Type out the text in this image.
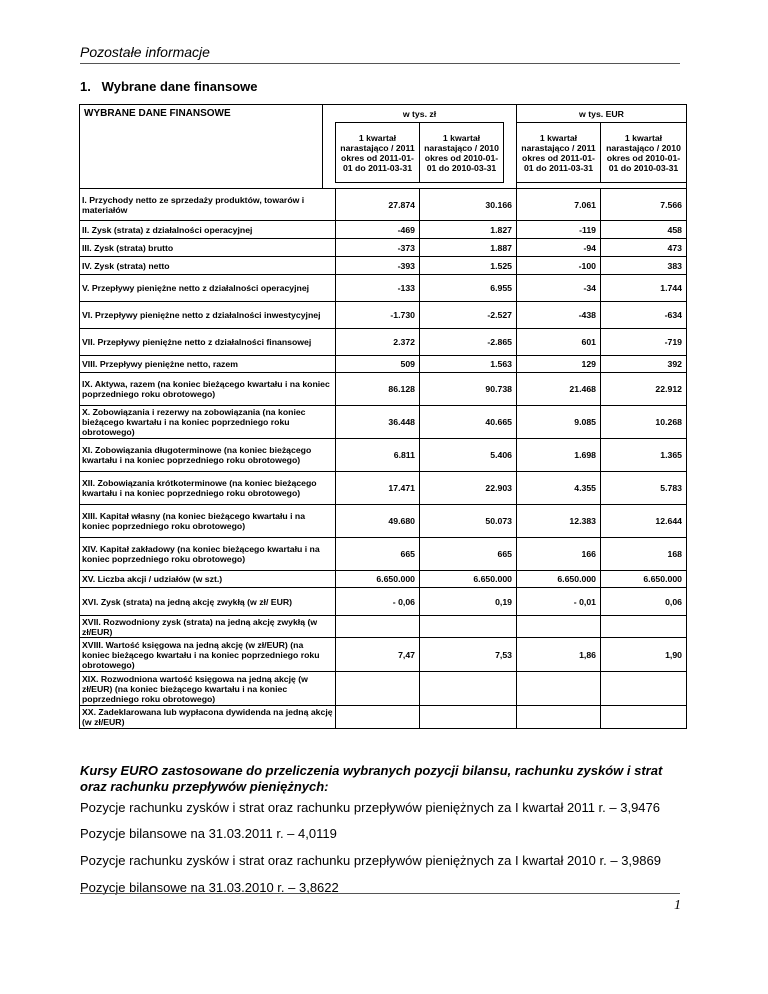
Pozostałe informacje
1.   Wybrane dane finansowe
WYBRANE DANE FINANSOWE		w tys. zł			w tys. EUR	
		1 kwartał narastająco / 2011 okres od 2011-01-01 do 2011-03-31	1 kwartał narastająco / 2010 okres od 2010-01-01 do 2010-03-31		1 kwartał narastająco / 2011 okres od 2011-01-01 do 2011-03-31	1 kwartał narastająco / 2010 okres od 2010-01-01 do 2010-03-31

I. Przychody netto ze sprzedaży produktów, towarów i materiałów		27.874	30.166		7.061	7.566
II. Zysk (strata) z działalności operacyjnej		-469	1.827		-119	458
III. Zysk (strata) brutto		-373	1.887		-94	473
IV. Zysk (strata) netto		-393	1.525		-100	383
V. Przepływy pieniężne netto z działalności operacyjnej		-133	6.955		-34	1.744
VI. Przepływy pieniężne netto z działalności inwestycyjnej		-1.730	-2.527		-438	-634
VII. Przepływy pieniężne netto z działalności finansowej		2.372	-2.865		601	-719
VIII. Przepływy pieniężne netto, razem		509	1.563		129	392
IX. Aktywa, razem (na koniec bieżącego kwartału i na koniec poprzedniego roku obrotowego)		86.128	90.738		21.468	22.912
X. Zobowiązania i rezerwy na zobowiązania (na koniec bieżącego kwartału i na koniec poprzedniego roku obrotowego)		36.448	40.665		9.085	10.268
XI. Zobowiązania długoterminowe (na koniec bieżącego kwartału i na koniec poprzedniego roku obrotowego)		6.811	5.406		1.698	1.365
XII. Zobowiązania krótkoterminowe (na koniec bieżącego kwartału i na koniec poprzedniego roku obrotowego)		17.471	22.903		4.355	5.783
XIII. Kapitał własny (na koniec bieżącego kwartału i na koniec poprzedniego roku obrotowego)		49.680	50.073		12.383	12.644
XIV. Kapitał zakładowy (na koniec bieżącego kwartału i na koniec poprzedniego roku obrotowego)		665	665		166	168
XV. Liczba akcji / udziałów (w szt.)		6.650.000	6.650.000		6.650.000	6.650.000
XVI. Zysk (strata) na jedną akcję zwykłą (w zł/ EUR)		- 0,06	0,19		- 0,01	0,06
XVII. Rozwodniony zysk (strata) na jedną akcję zwykłą (w zł/EUR)						
XVIII. Wartość księgowa na jedną akcję (w zł/EUR) (na koniec bieżącego kwartału i na koniec poprzedniego roku obrotowego)		7,47	7,53		1,86	1,90
XIX. Rozwodniona wartość księgowa na jedną akcję (w zł/EUR) (na koniec bieżącego kwartału i na koniec poprzedniego roku obrotowego)						
XX. Zadeklarowana lub wypłacona dywidenda na jedną akcję (w zł/EUR)						
Kursy EURO zastosowane do przeliczenia wybranych pozycji bilansu, rachunku zysków i strat oraz rachunku przepływów pieniężnych:
Pozycje rachunku zysków i strat oraz rachunku przepływów pieniężnych za I kwartał 2011 r. – 3,9476
Pozycje bilansowe na 31.03.2011 r. – 4,0119
Pozycje rachunku zysków i strat oraz rachunku przepływów pieniężnych za I kwartał 2010 r. – 3,9869
Pozycje bilansowe na 31.03.2010 r. – 3,8622
1
